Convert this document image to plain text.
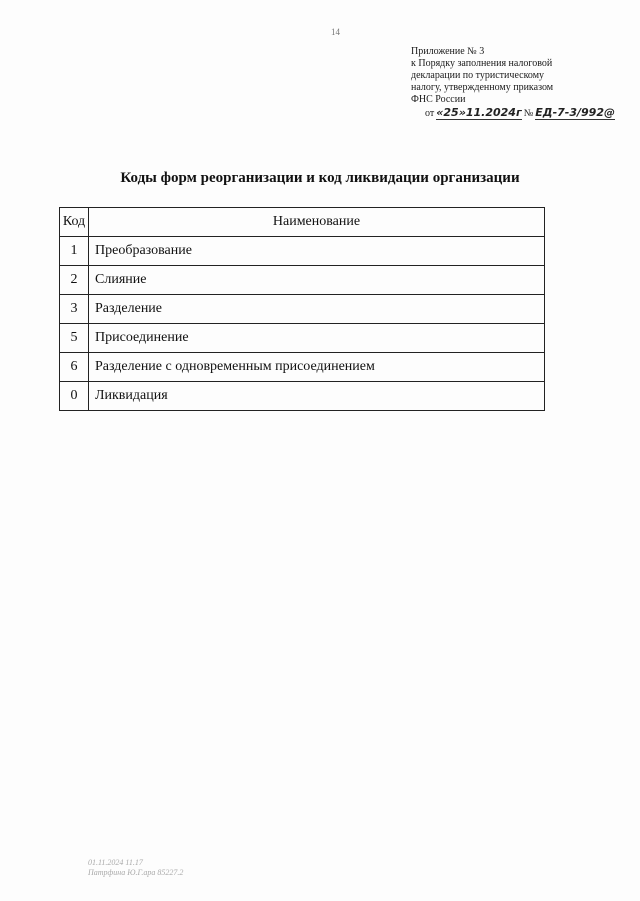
14
Приложение № 3
к Порядку заполнения налоговой
декларации по туристическому
налогу, утвержденному приказом
ФНС России
от «25»11.2024г № ЕД-7-3/992@
Коды форм реорганизации и код ликвидации организации
Код	Наименование
1	Преобразование
2	Слияние
3	Разделение
5	Присоединение
6	Разделение с одновременным присоединением
0	Ликвидация
01.11.2024 11.17
Патрфина Ю.Г.ара 85227.2
